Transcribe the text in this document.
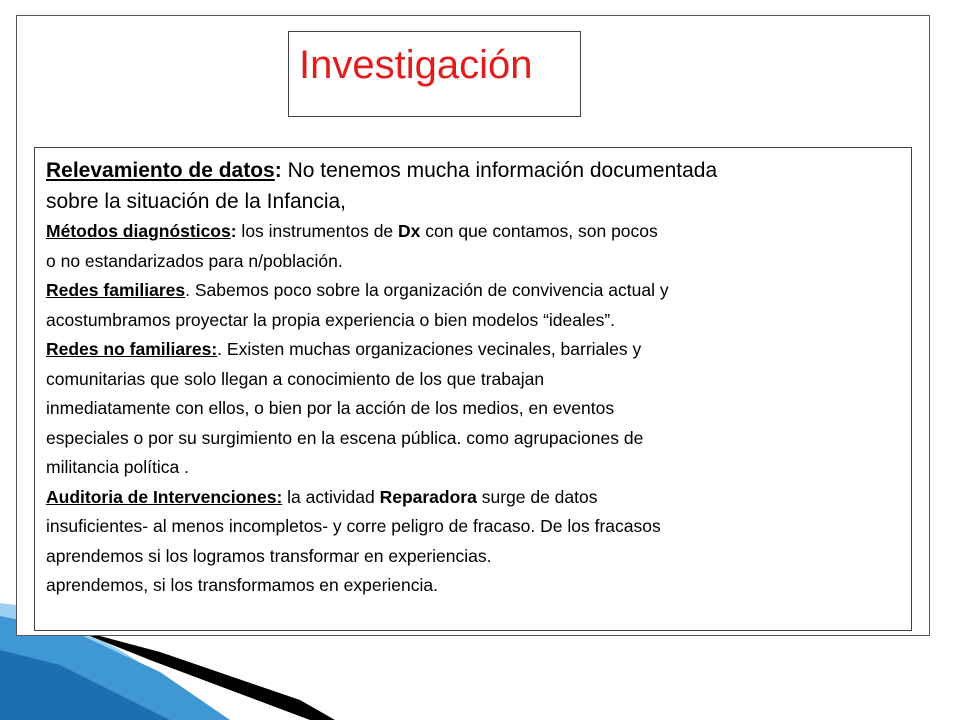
Investigación
Relevamiento de datos: No tenemos mucha información documentada
sobre la situación de la Infancia,
Métodos diagnósticos: los instrumentos de Dx con que contamos, son pocos
o no estandarizados para n/población.
Redes familiares. Sabemos poco sobre la organización de convivencia actual y
acostumbramos proyectar la propia experiencia o bien modelos “ideales”.
Redes no familiares:. Existen muchas organizaciones vecinales, barriales y
comunitarias que solo llegan a conocimiento de los que trabajan
inmediatamente con ellos, o bien por la acción de los medios, en eventos
especiales o por su surgimiento en la escena pública. como agrupaciones de
militancia política .
Auditoria de Intervenciones: la actividad Reparadora surge de datos
insuficientes- al menos incompletos- y corre peligro de fracaso. De los fracasos
aprendemos si los logramos transformar en experiencias.
aprendemos, si los transformamos en experiencia.
